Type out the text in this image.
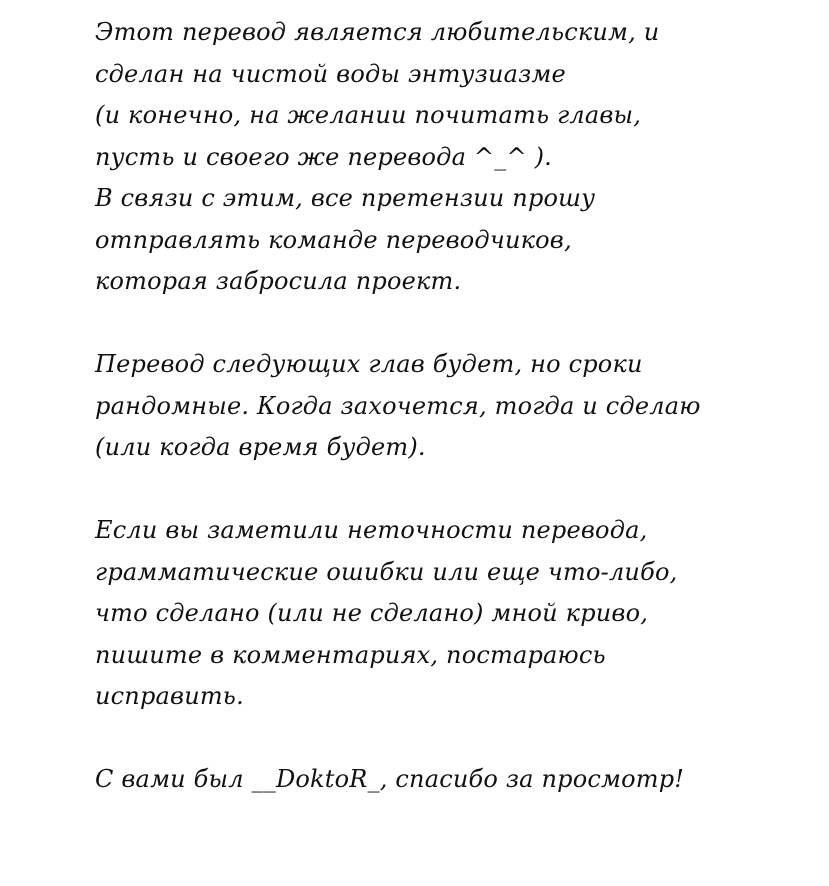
Этот перевод является любительским, и
сделан на чистой воды энтузиазме
(и конечно, на желании почитать главы,
пусть и своего же перевода ^_^ ).
В связи с этим, все претензии прошу
отправлять команде переводчиков,
которая забросила проект.

Перевод следующих глав будет, но сроки
рандомные. Когда захочется, тогда и сделаю
(или когда время будет).

Если вы заметили неточности перевода,
грамматические ошибки или еще что-либо,
что сделано (или не сделано) мной криво,
пишите в комментариях, постараюсь
исправить.

С вами был __DoktoR_, спасибо за просмотр!
